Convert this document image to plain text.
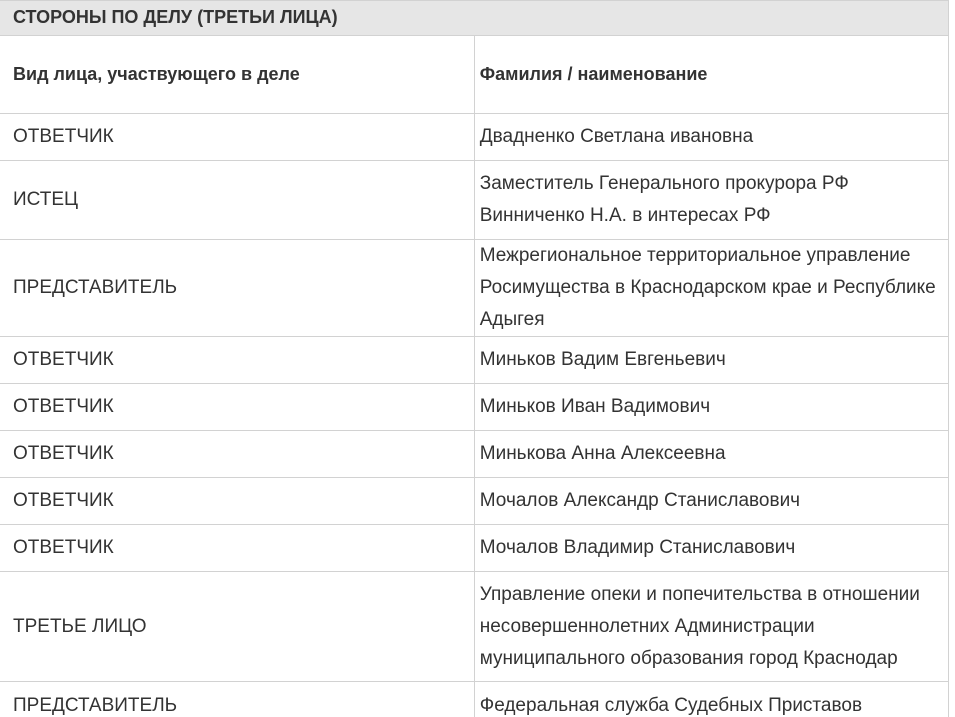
СТОРОНЫ ПО ДЕЛУ (ТРЕТЬИ ЛИЦА)	
Вид лица, участвующего в деле	Фамилия / наименование
ОТВЕТЧИК	Двадненко Светлана ивановна
ИСТЕЦ	Заместитель Генерального прокурора РФ Винниченко Н.А. в интересах РФ
ПРЕДСТАВИТЕЛЬ	Межрегиональное территориальное управление Росимущества в Краснодарском крае и Республике Адыгея
ОТВЕТЧИК	Миньков Вадим Евгеньевич
ОТВЕТЧИК	Миньков Иван Вадимович
ОТВЕТЧИК	Минькова Анна Алексеевна
ОТВЕТЧИК	Мочалов Александр Станиславович
ОТВЕТЧИК	Мочалов Владимир Станиславович
ТРЕТЬЕ ЛИЦО	Управление опеки и попечительства в отношении несовершеннолетних Администрации муниципального образования город Краснодар
ПРЕДСТАВИТЕЛЬ	Федеральная служба Судебных Приставов
